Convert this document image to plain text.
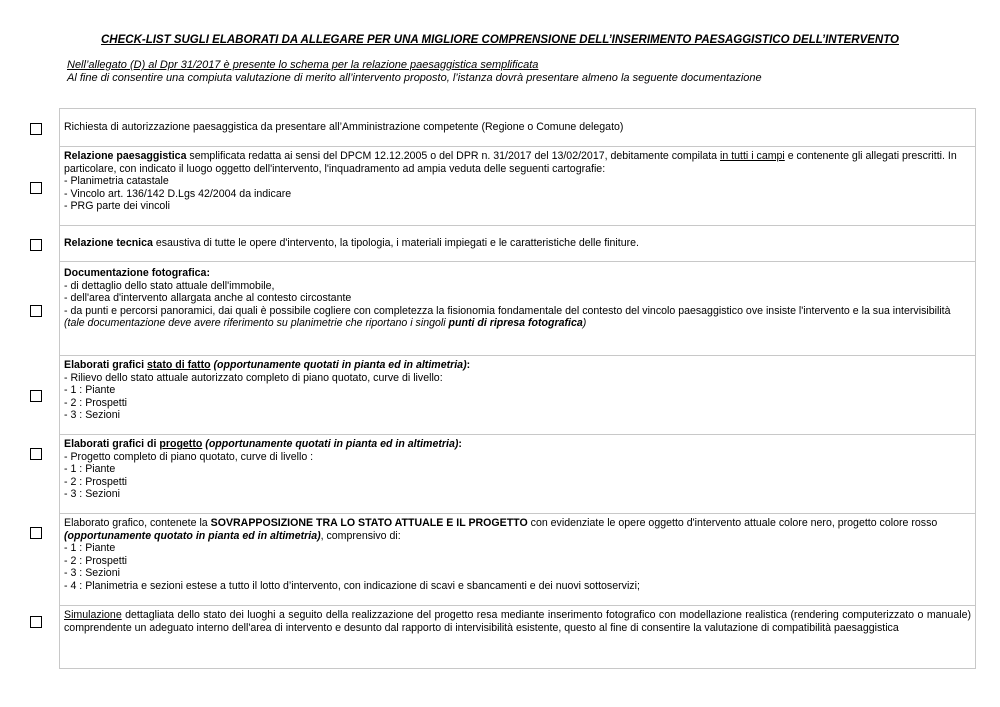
CHECK-LIST SUGLI ELABORATI DA ALLEGARE PER UNA MIGLIORE COMPRENSIONE DELL’INSERIMENTO PAESAGGISTICO DELL’INTERVENTO
Nell’allegato (D) al Dpr 31/2017 è presente lo schema per la relazione paesaggistica semplificata
Al fine di consentire una compiuta valutazione di merito all’intervento proposto, l’istanza dovrà presentare almeno la seguente documentazione
Richiesta di autorizzazione paesaggistica da presentare all’Amministrazione competente (Regione o Comune delegato)
Relazione paesaggistica semplificata redatta ai sensi del DPCM 12.12.2005 o del DPR n. 31/2017 del 13/02/2017, debitamente compilata in tutti i campi e contenente gli allegati prescritti. In particolare, con indicato il luogo oggetto dell'intervento, l'inquadramento ad ampia veduta delle seguenti cartografie:
- Planimetria catastale
- Vincolo art. 136/142 D.Lgs 42/2004 da indicare
- PRG parte dei vincoli

Relazione tecnica esaustiva di tutte le opere d'intervento, la tipologia, i materiali impiegati e le caratteristiche delle finiture.

Documentazione fotografica:
- di dettaglio dello stato attuale dell'immobile,
- dell'area d'intervento allargata anche al contesto circostante
- da punti e percorsi panoramici, dai quali è possibile cogliere con completezza la fisionomia fondamentale del contesto del vincolo paesaggistico ove insiste l'intervento e la sua intervisibilità
(tale documentazione deve avere riferimento su planimetrie che riportano i singoli punti di ripresa fotografica)

Elaborati grafici stato di fatto (opportunamente quotati in pianta ed in altimetria):
- Rilievo dello stato attuale autorizzato completo di piano quotato, curve di livello:
- 1 : Piante
- 2 : Prospetti
- 3 : Sezioni

Elaborati grafici di progetto (opportunamente quotati in pianta ed in altimetria):
- Progetto completo di piano quotato, curve di livello :
- 1 : Piante
- 2 : Prospetti
- 3 : Sezioni

Elaborato grafico, contenete la SOVRAPPOSIZIONE TRA LO STATO ATTUALE E IL PROGETTO con evidenziate le opere oggetto d'intervento attuale colore nero, progetto colore rosso (opportunamente quotato in pianta ed in altimetria), comprensivo di:
- 1 : Piante
- 2 : Prospetti
- 3 : Sezioni
- 4 : Planimetria e sezioni estese a tutto il lotto d’intervento, con indicazione di scavi e sbancamenti e dei nuovi sottoservizi;

Simulazione dettagliata dello stato dei luoghi a seguito della realizzazione del progetto resa mediante inserimento fotografico con modellazione realistica (rendering computerizzato o manuale) comprendente un adeguato interno dell'area di intervento e desunto dal rapporto di intervisibilità esistente, questo al fine di consentire la valutazione di compatibilità paesaggistica
